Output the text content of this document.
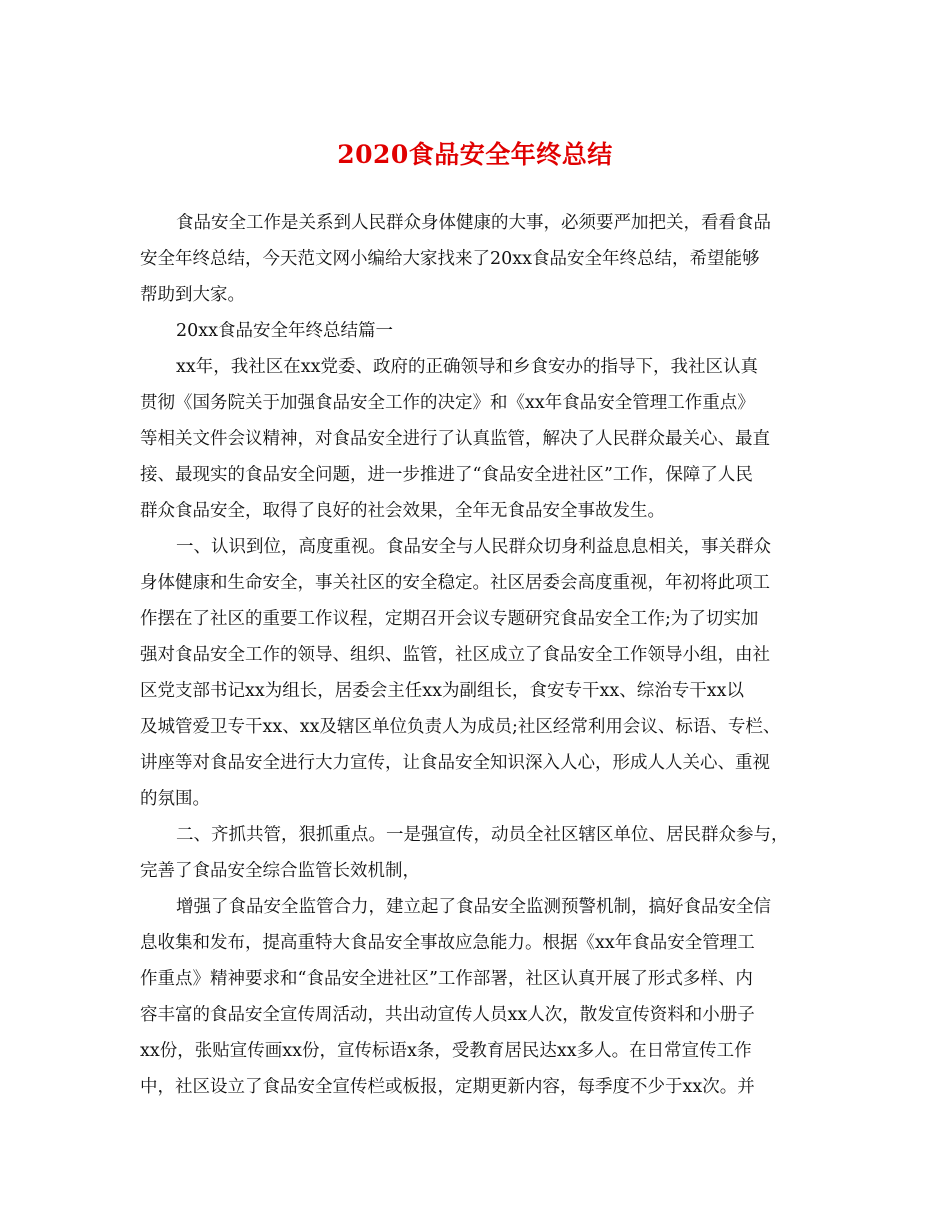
2020食品安全年终总结
食品安全工作是关系到人民群众身体健康的大事，必须要严加把关，看看食品
安全年终总结，今天范文网小编给大家找来了20xx食品安全年终总结，希望能够
帮助到大家。
20xx食品安全年终总结篇一
xx年，我社区在xx党委、政府的正确领导和乡食安办的指导下，我社区认真
贯彻《国务院关于加强食品安全工作的决定》和《xx年食品安全管理工作重点》
等相关文件会议精神，对食品安全进行了认真监管，解决了人民群众最关心、最直
接、最现实的食品安全问题，进一步推进了“食品安全进社区”工作，保障了人民
群众食品安全，取得了良好的社会效果，全年无食品安全事故发生。
一、认识到位，高度重视。食品安全与人民群众切身利益息息相关，事关群众
身体健康和生命安全，事关社区的安全稳定。社区居委会高度重视，年初将此项工
作摆在了社区的重要工作议程，定期召开会议专题研究食品安全工作;为了切实加
强对食品安全工作的领导、组织、监管，社区成立了食品安全工作领导小组，由社
区党支部书记xx为组长，居委会主任xx为副组长，食安专干xx、综治专干xx以
及城管爱卫专干xx、xx及辖区单位负责人为成员;社区经常利用会议、标语、专栏、
讲座等对食品安全进行大力宣传，让食品安全知识深入人心，形成人人关心、重视
的氛围。
二、齐抓共管，狠抓重点。一是强宣传，动员全社区辖区单位、居民群众参与，
完善了食品安全综合监管长效机制，
增强了食品安全监管合力，建立起了食品安全监测预警机制，搞好食品安全信
息收集和发布，提高重特大食品安全事故应急能力。根据《xx年食品安全管理工
作重点》精神要求和“食品安全进社区”工作部署，社区认真开展了形式多样、内
容丰富的食品安全宣传周活动，共出动宣传人员xx人次，散发宣传资料和小册子
xx份，张贴宣传画xx份，宣传标语x条，受教育居民达xx多人。在日常宣传工作
中，社区设立了食品安全宣传栏或板报，定期更新内容，每季度不少于xx次。并
